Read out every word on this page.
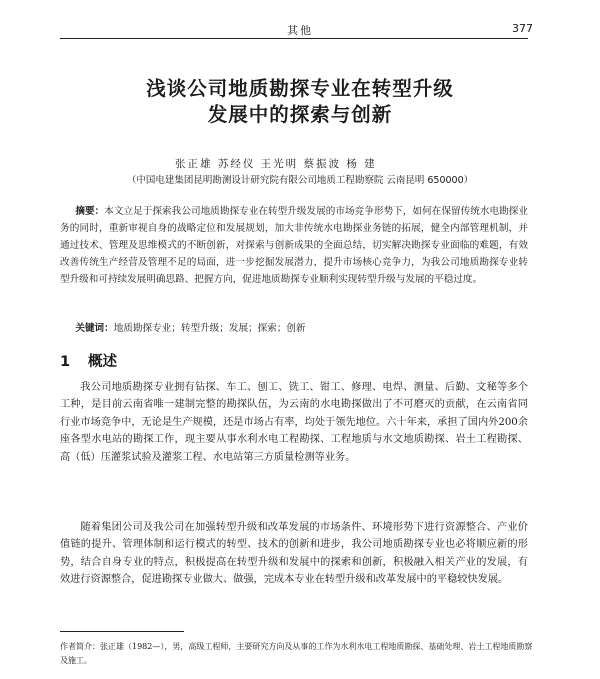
其他	377
浅谈公司地质勘探专业在转型升级
发展中的探索与创新
张正雄 苏经仪 王光明 蔡振波 杨 建
（中国电建集团昆明勘测设计研究院有限公司地质工程勘察院 云南昆明 650000）
摘要：本文立足于探索我公司地质勘探专业在转型升级发展的市场竞争形势下，如何在保留传统水电勘探业务的同时，重新审视自身的战略定位和发展规划，加大非传统水电勘探业务链的拓展，健全内部管理机制，并通过技术、管理及思维模式的不断创新，对探索与创新成果的全面总结，切实解决勘探专业面临的难题，有效改善传统生产经营及管理不足的局面，进一步挖掘发展潜力，提升市场核心竞争力，为我公司地质勘探专业转型升级和可持续发展明确思路、把握方向，促进地质勘探专业顺利实现转型升级与发展的平稳过度。
关键词：地质勘探专业；转型升级；发展；探索；创新
1 概述

我公司地质勘探专业拥有钻探、车工、刨工、铣工、钳工、修理、电焊、测量、后勤、文秘等多个工种，是目前云南省唯一建制完整的勘探队伍，为云南的水电勘探做出了不可磨灭的贡献，在云南省同行业市场竞争中，无论是生产规模，还是市场占有率，均处于领先地位。六十年来，承担了国内外200余座各型水电站的勘探工作，现主要从事水利水电工程勘探、工程地质与水文地质勘探、岩土工程勘探、高（低）压灌浆试验及灌浆工程、水电站第三方质量检测等业务。

随着集团公司及我公司在加强转型升级和改革发展的市场条件、环境形势下进行资源整合、产业价值链的提升、管理体制和运行模式的转型、技术的创新和进步，我公司地质勘探专业也必将顺应新的形势，结合自身专业的特点，积极提高在转型升级和发展中的探索和创新，积极融入相关产业的发展，有效进行资源整合，促进勘探专业做大、做强，完成本专业在转型升级和改革发展中的平稳较快发展。

作者简介：张正雄（1982—），男，高级工程师，主要研究方向及从事的工作为水利水电工程地质勘探、基础处理、岩土工程地质勘察及施工。
